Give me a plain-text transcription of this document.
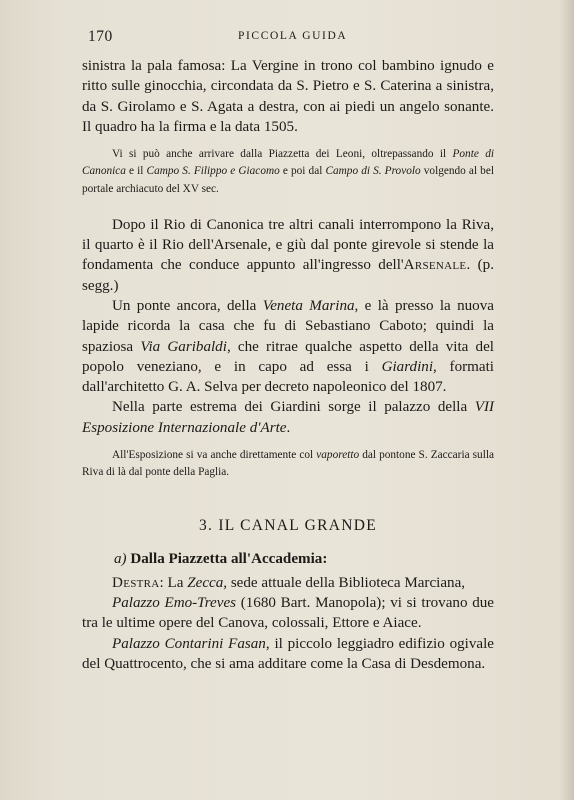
170	PICCOLA GUIDA

sinistra la pala famosa: La Vergine in trono col bambino ignudo e ritto sulle ginocchia, circondata da S. Pietro e S. Caterina a sinistra, da S. Girolamo e S. Agata a destra, con ai piedi un angelo sonante. Il quadro ha la firma e la data 1505.

Vi si può anche arrivare dalla Piazzetta dei Leoni, oltrepassando il Ponte di Canonica e il Campo S. Filippo e Giacomo e poi dal Campo di S. Provolo volgendo al bel portale archiacuto del XV sec.

Dopo il Rio di Canonica tre altri canali interrompono la Riva, il quarto è il Rio dell'Arsenale, e giù dal ponte girevole si stende la fondamenta che conduce appunto all'ingresso dell'Arsenale. (p. segg.)

Un ponte ancora, della Veneta Marina, e là presso la nuova lapide ricorda la casa che fu di Sebastiano Caboto; quindi la spaziosa Via Garibaldi, che ritrae qualche aspetto della vita del popolo veneziano, e in capo ad essa i Giardini, formati dall'architetto G. A. Selva per decreto napoleonico del 1807.

Nella parte estrema dei Giardini sorge il palazzo della VII Esposizione Internazionale d'Arte.

All'Esposizione si va anche direttamente col vaporetto dal pontone S. Zaccaria sulla Riva di là dal ponte della Paglia.

3. IL CANAL GRANDE

a) Dalla Piazzetta all'Accademia:

Destra: La Zecca, sede attuale della Biblioteca Marciana,

Palazzo Emo-Treves (1680 Bart. Manopola); vi si trovano due tra le ultime opere del Canova, colossali, Ettore e Aiace.

Palazzo Contarini Fasan, il piccolo leggiadro edifizio ogivale del Quattrocento, che si ama additare come la Casa di Desdemona.
